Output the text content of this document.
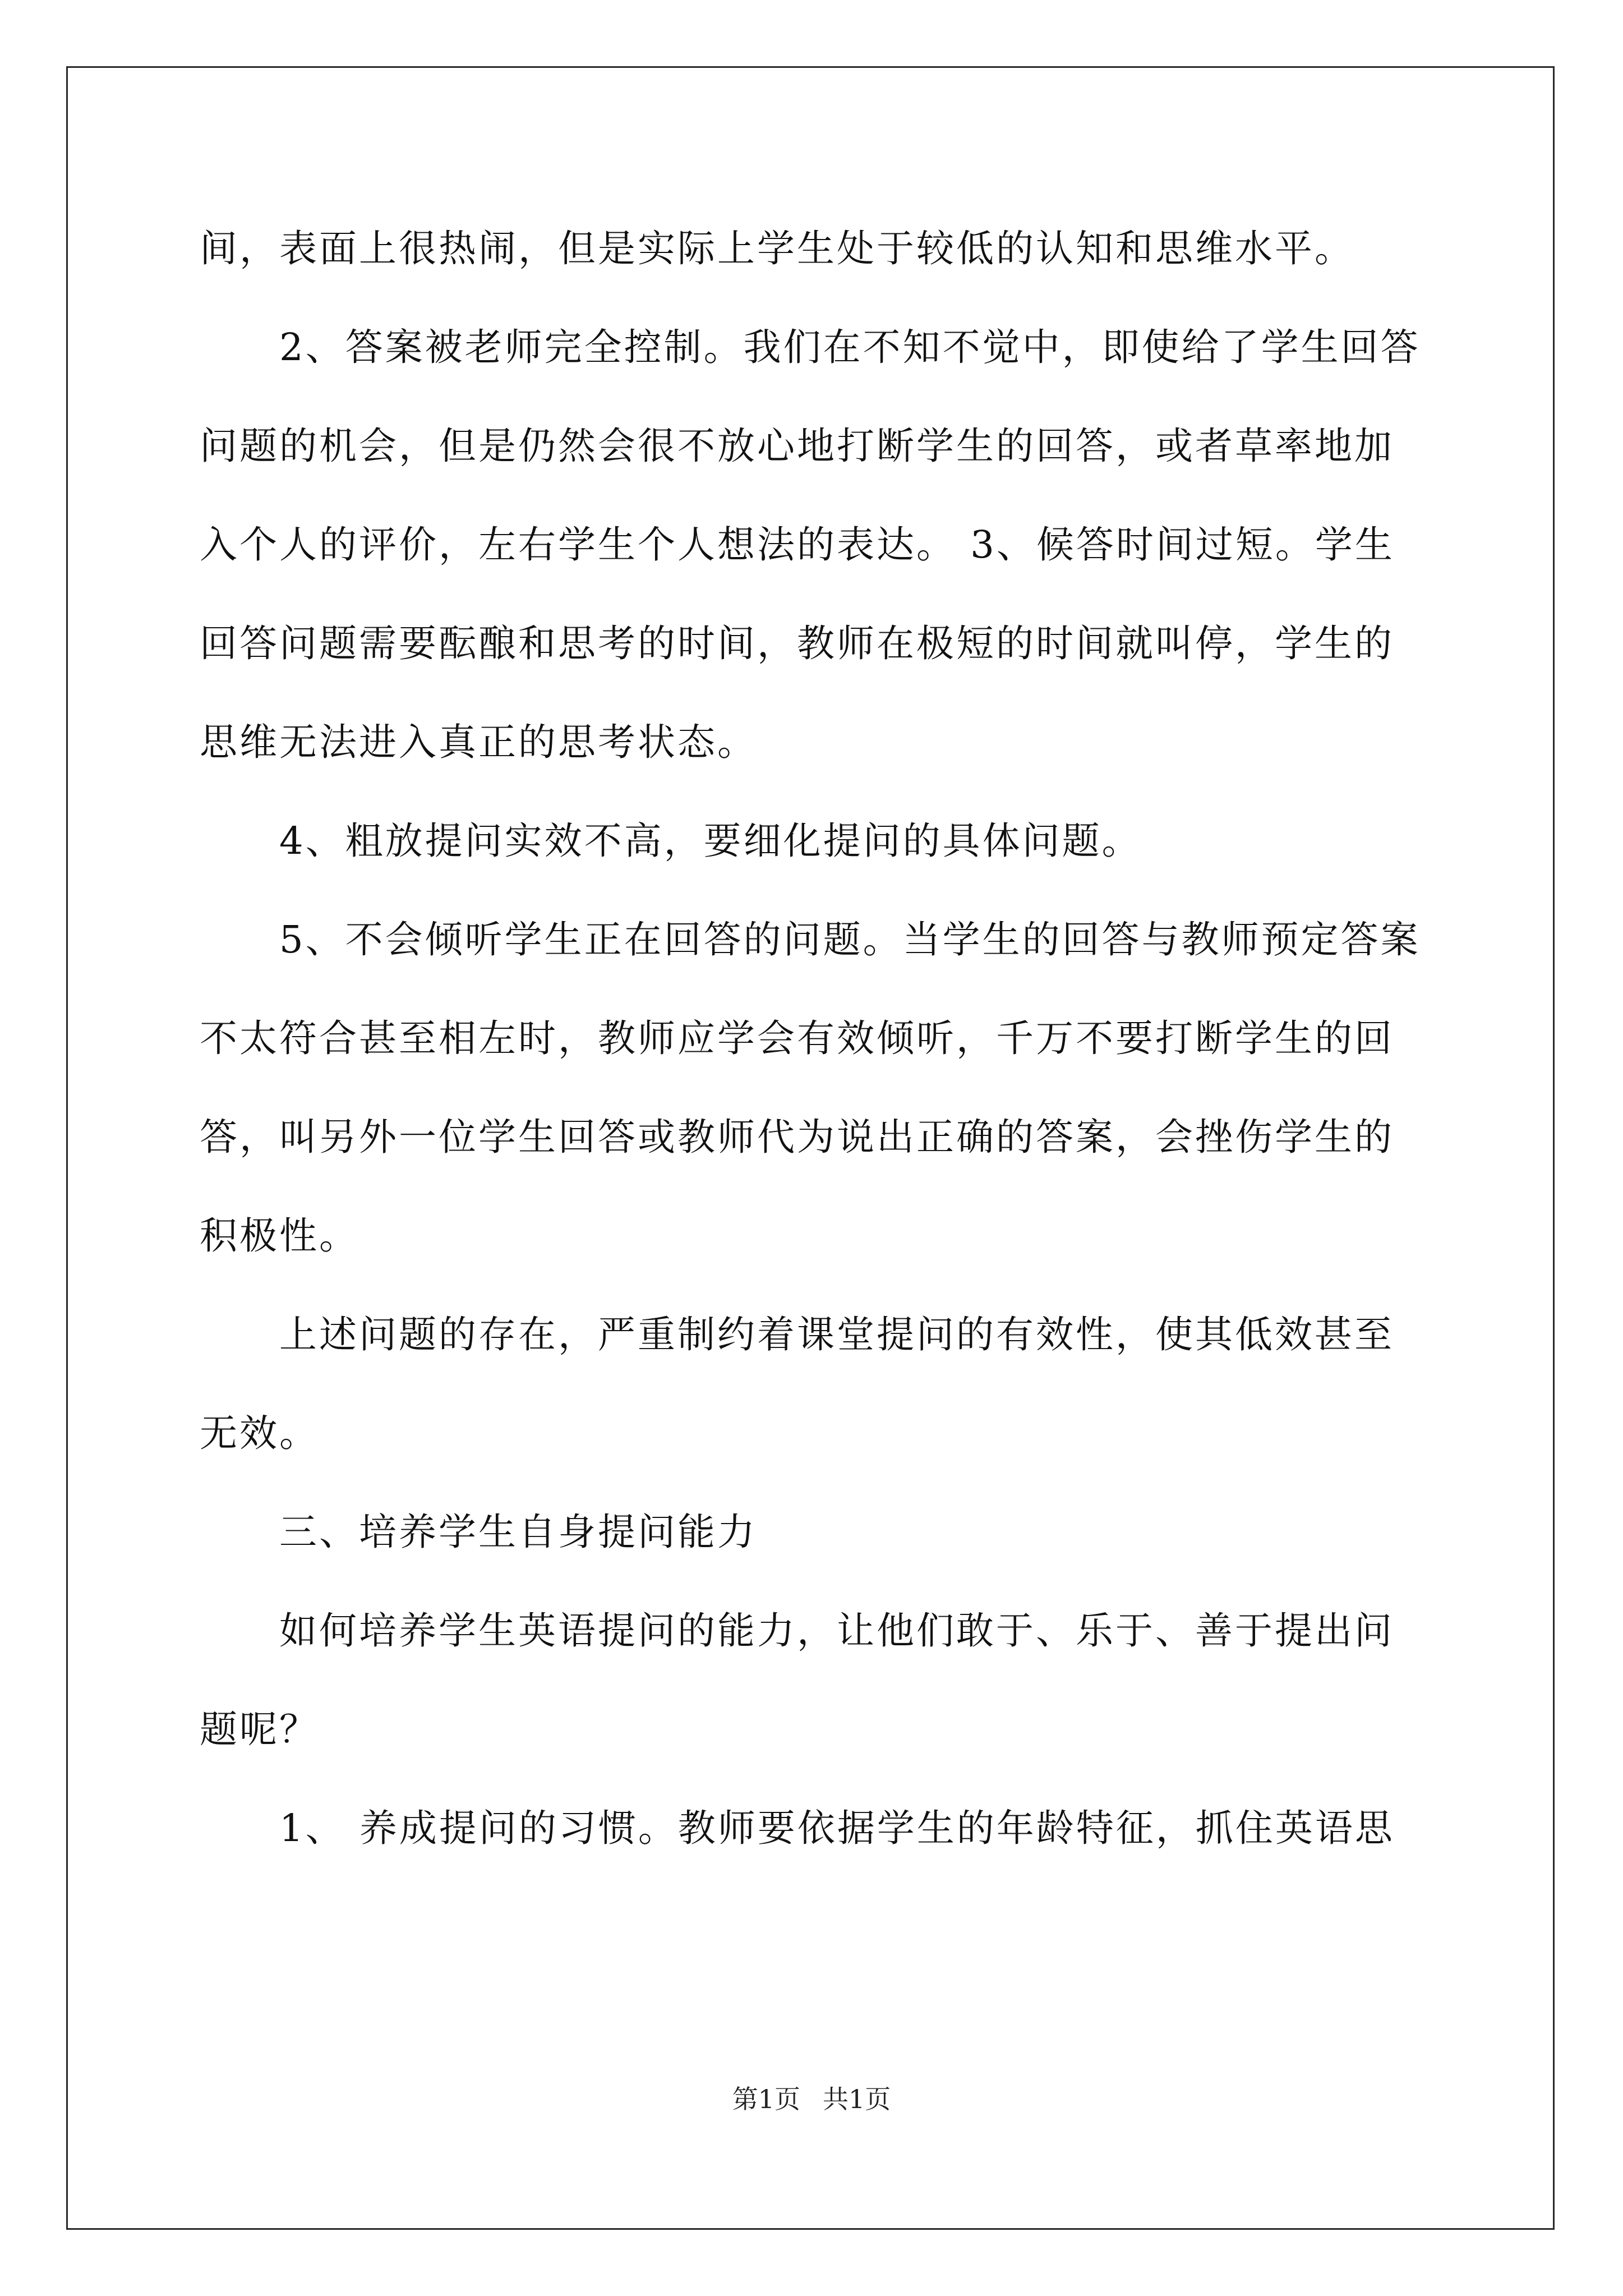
间，表面上很热闹，但是实际上学生处于较低的认知和思维水平。
　　2、答案被老师完全控制。我们在不知不觉中，即使给了学生回答
问题的机会，但是仍然会很不放心地打断学生的回答，或者草率地加
入个人的评价，左右学生个人想法的表达。 3、候答时间过短。学生
回答问题需要酝酿和思考的时间，教师在极短的时间就叫停，学生的
思维无法进入真正的思考状态。
　　4、粗放提问实效不高，要细化提问的具体问题。
　　5、不会倾听学生正在回答的问题。当学生的回答与教师预定答案
不太符合甚至相左时，教师应学会有效倾听，千万不要打断学生的回
答，叫另外一位学生回答或教师代为说出正确的答案，会挫伤学生的
积极性。
　　上述问题的存在，严重制约着课堂提问的有效性，使其低效甚至
无效。
　　三、培养学生自身提问能力
　　如何培养学生英语提问的能力，让他们敢于、乐于、善于提出问
题呢？
　　1、 养成提问的习惯。教师要依据学生的年龄特征，抓住英语思
第1页 共1页
